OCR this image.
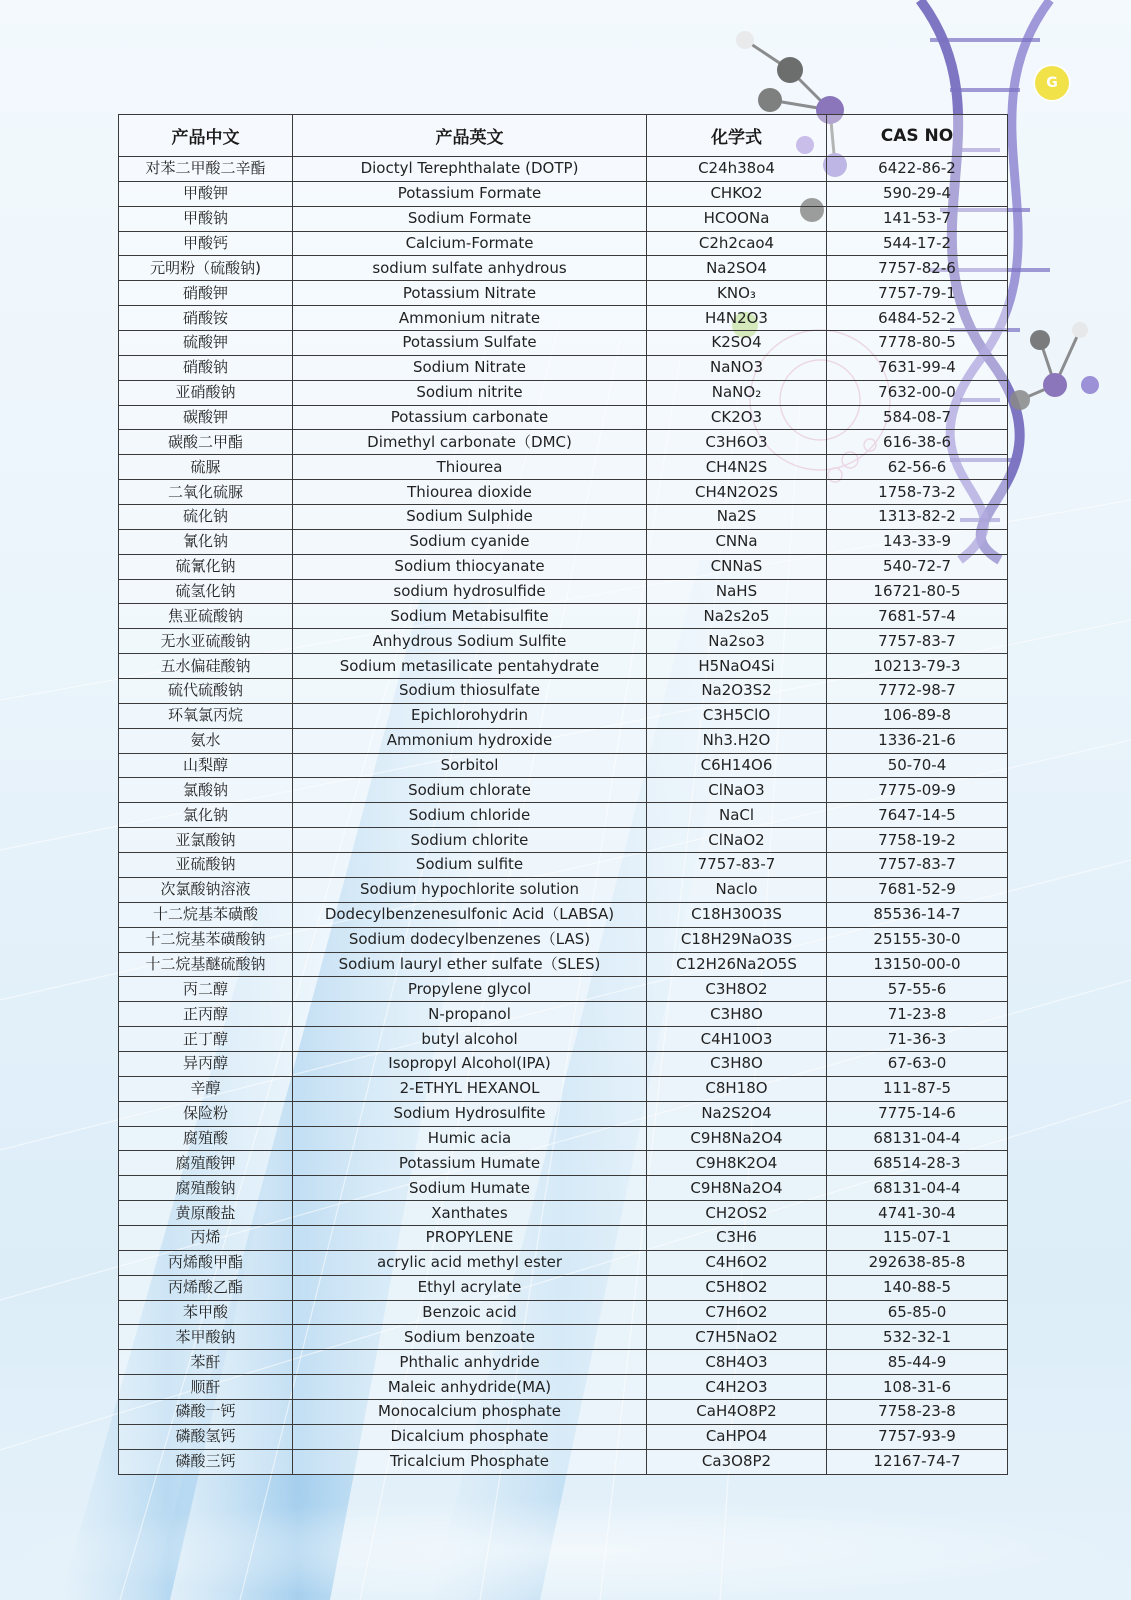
G
产品中文	产品英文	化学式	CAS NO
对苯二甲酸二辛酯	Dioctyl Terephthalate (DOTP)	C24h38o4	6422-86-2
甲酸钾	Potassium Formate	CHKO2	590-29-4
甲酸钠	Sodium Formate	HCOONa	141-53-7
甲酸钙	Calcium-Formate	C2h2cao4	544-17-2
元明粉（硫酸钠)	sodium sulfate anhydrous	Na2SO4	7757-82-6
硝酸钾	Potassium Nitrate	KNO₃	7757-79-1
硝酸铵	Ammonium nitrate	H4N2O3	6484-52-2
硫酸钾	Potassium Sulfate	K2SO4	7778-80-5
硝酸钠	Sodium Nitrate	NaNO3	7631-99-4
亚硝酸钠	Sodium nitrite	NaNO₂	7632-00-0
碳酸钾	Potassium carbonate	CK2O3	584-08-7
碳酸二甲酯	Dimethyl carbonate（DMC)	C3H6O3	616-38-6
硫脲	Thiourea	CH4N2S	62-56-6
二氧化硫脲	Thiourea dioxide	CH4N2O2S	1758-73-2
硫化钠	Sodium Sulphide	Na2S	1313-82-2
氰化钠	Sodium cyanide	CNNa	143-33-9
硫氰化钠	Sodium thiocyanate	CNNaS	540-72-7
硫氢化钠	sodium hydrosulfide	NaHS	16721-80-5
焦亚硫酸钠	Sodium Metabisulfite	Na2s2o5	7681-57-4
无水亚硫酸钠	Anhydrous Sodium Sulfite	Na2so3	7757-83-7
五水偏硅酸钠	Sodium metasilicate pentahydrate	H5NaO4Si	10213-79-3
硫代硫酸钠	Sodium thiosulfate	Na2O3S2	7772-98-7
环氧氯丙烷	Epichlorohydrin	C3H5ClO	106-89-8
氨水	Ammonium hydroxide	Nh3.H2O	1336-21-6
山梨醇	Sorbitol	C6H14O6	50-70-4
氯酸钠	Sodium chlorate	ClNaO3	7775-09-9
氯化钠	Sodium chloride	NaCl	7647-14-5
亚氯酸钠	Sodium chlorite	ClNaO2	7758-19-2
亚硫酸钠	Sodium sulfite	7757-83-7	7757-83-7
次氯酸钠溶液	Sodium hypochlorite solution	Naclo	7681-52-9
十二烷基苯磺酸	Dodecylbenzenesulfonic Acid（LABSA)	C18H30O3S	85536-14-7
十二烷基苯磺酸钠	Sodium dodecylbenzenes（LAS)	C18H29NaO3S	25155-30-0
十二烷基醚硫酸钠	Sodium lauryl ether sulfate（SLES)	C12H26Na2O5S	13150-00-0
丙二醇	Propylene glycol	C3H8O2	57-55-6
正丙醇	N-propanol	C3H8O	71-23-8
正丁醇	butyl alcohol	C4H10O3	71-36-3
异丙醇	Isopropyl Alcohol(IPA)	C3H8O	67-63-0
辛醇	2-ETHYL HEXANOL	C8H18O	111-87-5
保险粉	Sodium Hydrosulfite	Na2S2O4	7775-14-6
腐殖酸	Humic acia	C9H8Na2O4	68131-04-4
腐殖酸钾	Potassium Humate	C9H8K2O4	68514-28-3
腐殖酸钠	Sodium Humate	C9H8Na2O4	68131-04-4
黄原酸盐	Xanthates	CH2OS2	4741-30-4
丙烯	PROPYLENE	C3H6	115-07-1
丙烯酸甲酯	acrylic acid methyl ester	C4H6O2	292638-85-8
丙烯酸乙酯	Ethyl acrylate	C5H8O2	140-88-5
苯甲酸	Benzoic acid	C7H6O2	65-85-0
苯甲酸钠	Sodium benzoate	C7H5NaO2	532-32-1
苯酐	Phthalic anhydride	C8H4O3	85-44-9
顺酐	Maleic anhydride(MA)	C4H2O3	108-31-6
磷酸一钙	Monocalcium phosphate	CaH4O8P2	7758-23-8
磷酸氢钙	Dicalcium phosphate	CaHPO4	7757-93-9
磷酸三钙	Tricalcium Phosphate	Ca3O8P2	12167-74-7
